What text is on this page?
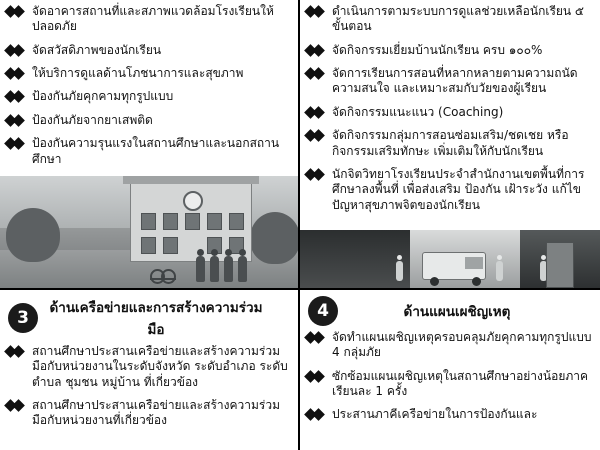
จัดอาคารสถานที่และสภาพแวดล้อมโรงเรียนให้ปลอดภัย
จัดสวัสดิภาพของนักเรียน
ให้บริการดูแลด้านโภชนาการและสุขภาพ
ป้องกันภัยคุกคามทุกรูปแบบ
ป้องกันภัยจากยาเสพติด
ป้องกันความรุนแรงในสถานศึกษาและนอกสถานศึกษา
ดำเนินการตามระบบการดูแลช่วยเหลือนักเรียน ๕ ขั้นตอน
จัดกิจกรรมเยี่ยมบ้านนักเรียน ครบ ๑๐๐%
จัดการเรียนการสอนที่หลากหลายตามความถนัด ความสนใจ และเหมาะสมกับวัยของผู้เรียน
จัดกิจกรรมแนะแนว (Coaching)
จัดกิจกรรมกลุ่มการสอนซ่อมเสริม/ชดเชย หรือกิจกรรมเสริมทักษะ เพิ่มเติมให้กับนักเรียน
นักจิตวิทยาโรงเรียนประจำสำนักงานเขตพื้นที่การศึกษาลงพื้นที่ เพื่อส่งเสริม ป้องกัน เฝ้าระวัง แก้ไขปัญหาสุขภาพจิตของนักเรียน
3	ด้านเครือข่ายและการสร้างความร่วมมือ
สถานศึกษาประสานเครือข่ายและสร้างความร่วมมือกับหน่วยงานในระดับจังหวัด ระดับอำเภอ ระดับตำบล ชุมชน หมู่บ้าน ที่เกี่ยวข้อง
สถานศึกษาประสานเครือข่ายและสร้างความร่วมมือกับหน่วยงานที่เกี่ยวข้อง
4	ด้านแผนเผชิญเหตุ
จัดทำแผนเผชิญเหตุครอบคลุมภัยคุกคามทุกรูปแบบ 4 กลุ่มภัย
ซักซ้อมแผนเผชิญเหตุในสถานศึกษาอย่างน้อยภาคเรียนละ 1 ครั้ง
ประสานภาคีเครือข่ายในการป้องกันและ
